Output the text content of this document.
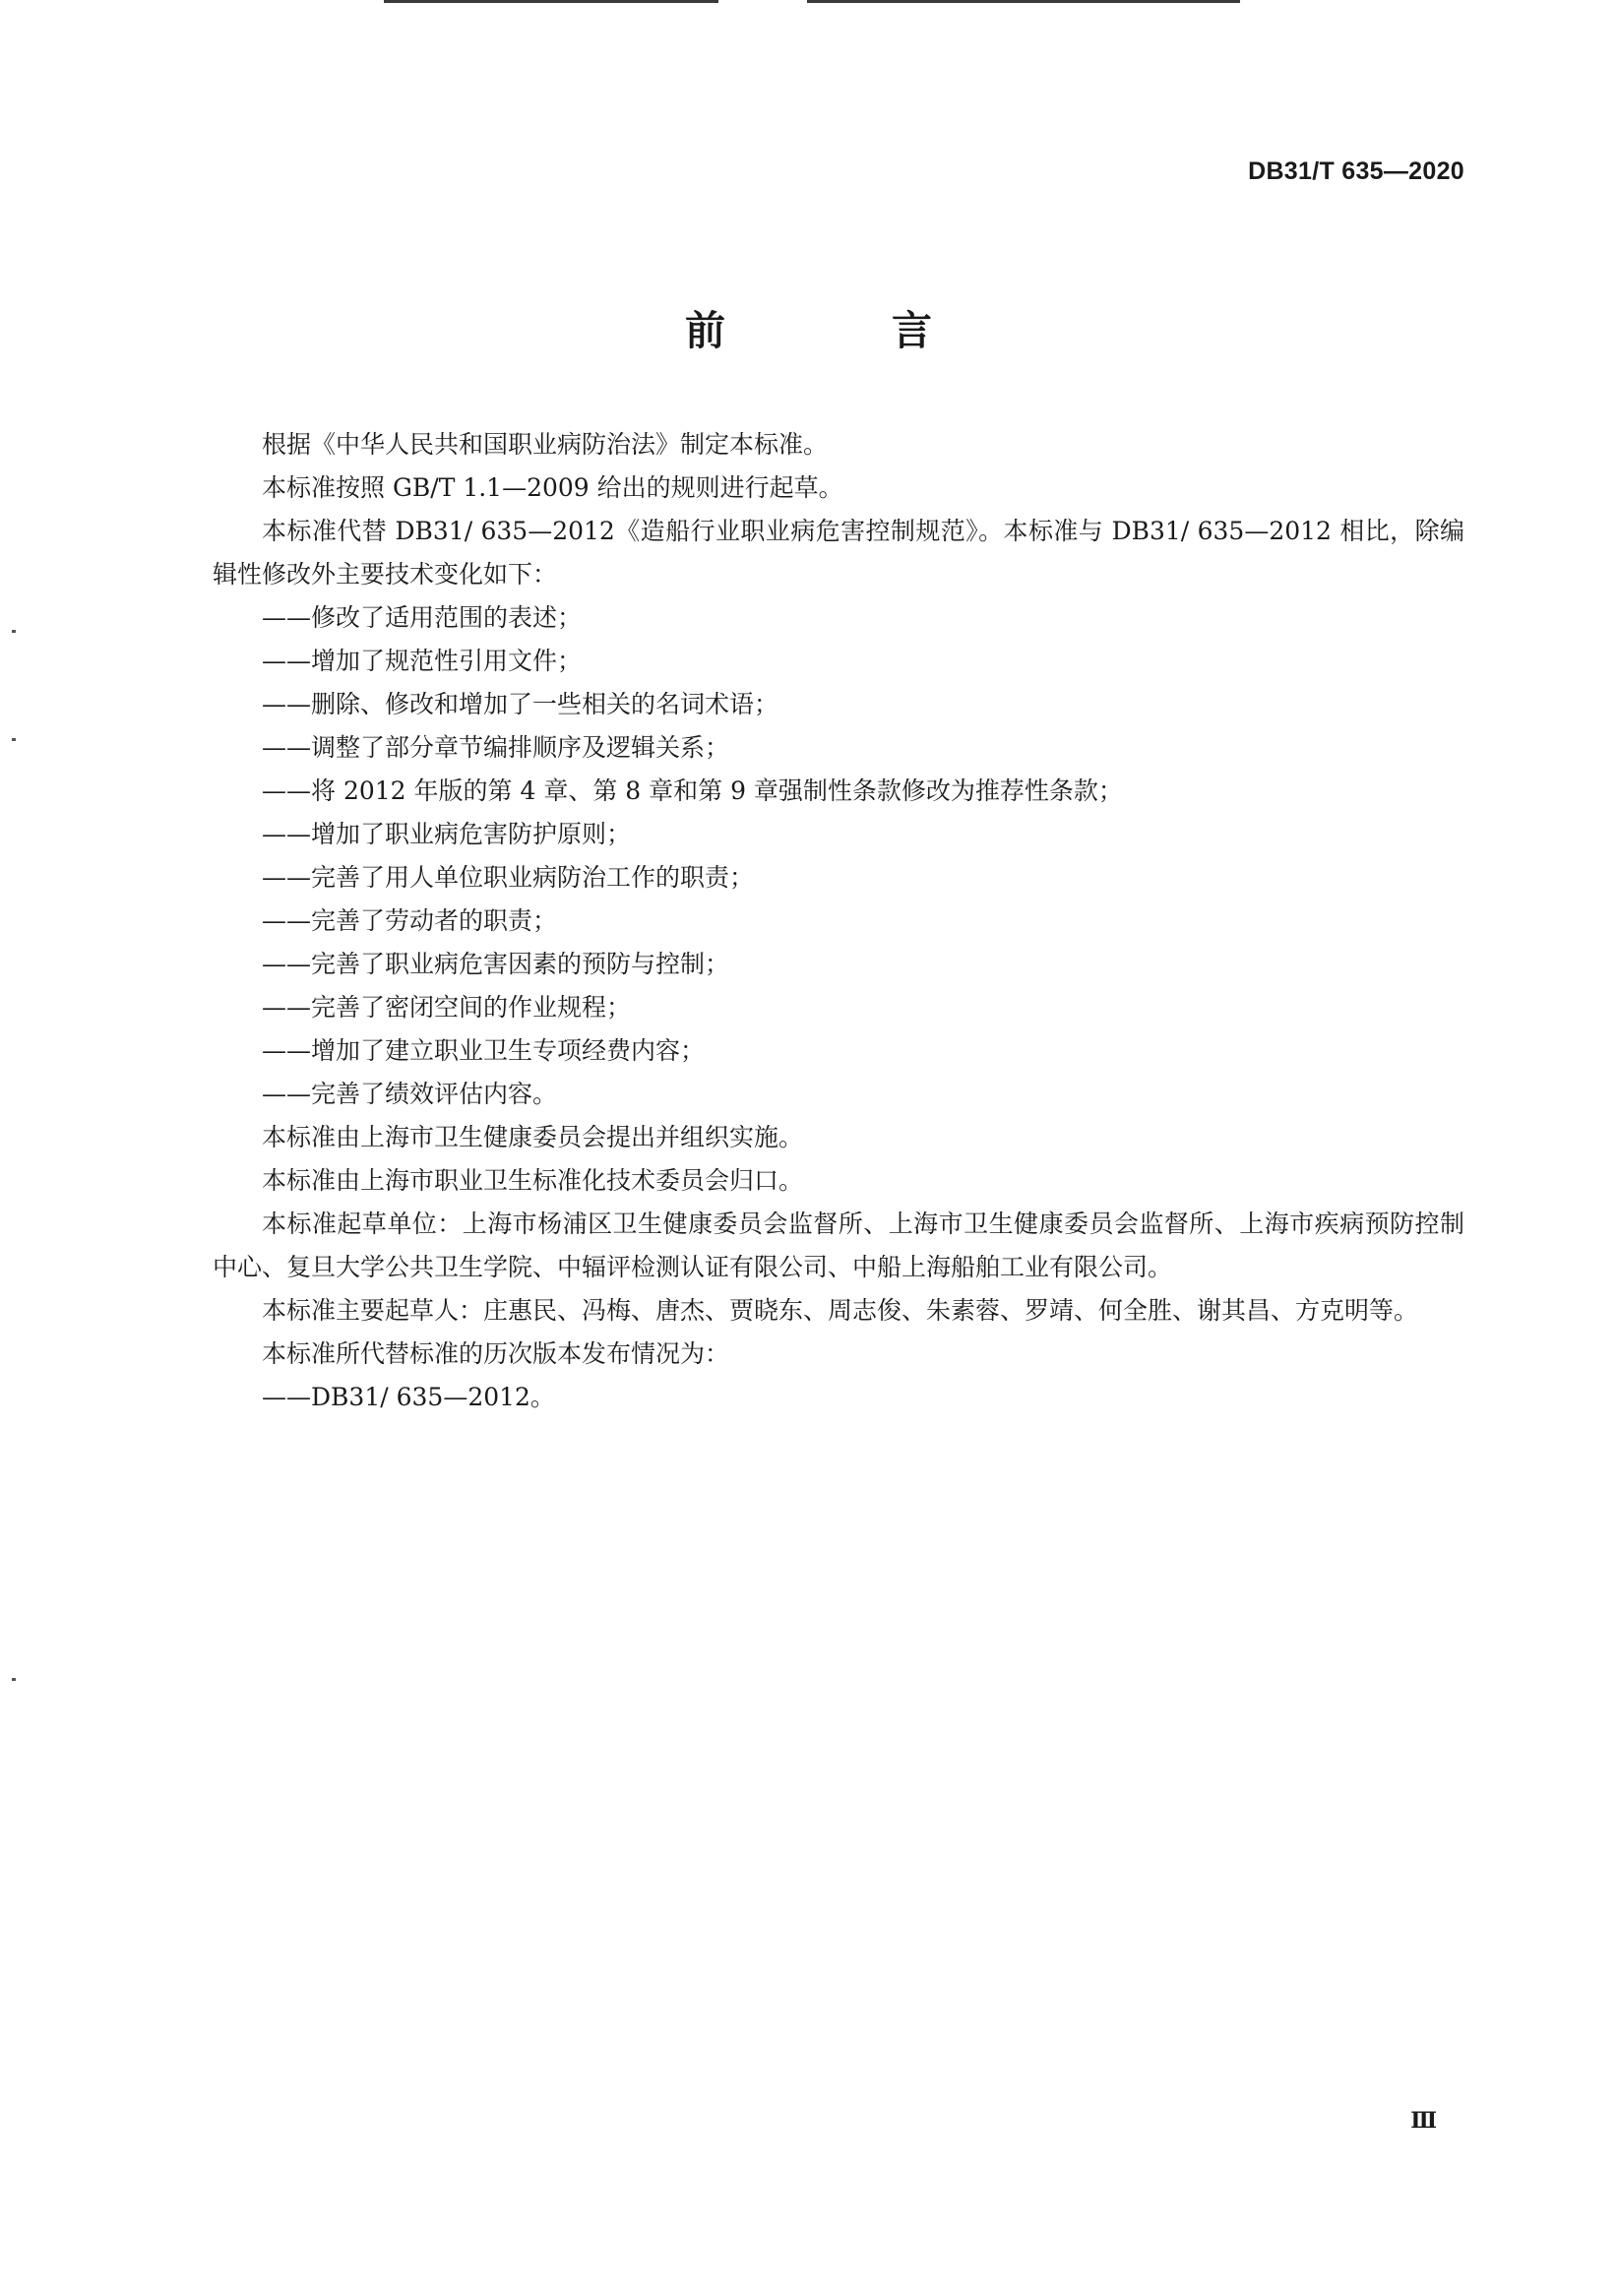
DB31/T 635—2020
前　言

根据《中华人民共和国职业病防治法》制定本标准。

本标准按照 GB/T 1.1—2009 给出的规则进行起草。

本标准代替 DB31/ 635—2012《造船行业职业病危害控制规范》。本标准与 DB31/ 635—2012 相比，除编辑性修改外主要技术变化如下：

——修改了适用范围的表述；

——增加了规范性引用文件；

——删除、修改和增加了一些相关的名词术语；

——调整了部分章节编排顺序及逻辑关系；

——将 2012 年版的第 4 章、第 8 章和第 9 章强制性条款修改为推荐性条款；

——增加了职业病危害防护原则；

——完善了用人单位职业病防治工作的职责；

——完善了劳动者的职责；

——完善了职业病危害因素的预防与控制；

——完善了密闭空间的作业规程；

——增加了建立职业卫生专项经费内容；

——完善了绩效评估内容。

本标准由上海市卫生健康委员会提出并组织实施。

本标准由上海市职业卫生标准化技术委员会归口。

本标准起草单位：上海市杨浦区卫生健康委员会监督所、上海市卫生健康委员会监督所、上海市疾病预防控制中心、复旦大学公共卫生学院、中辐评检测认证有限公司、中船上海船舶工业有限公司。

本标准主要起草人：庄惠民、冯梅、唐杰、贾晓东、周志俊、朱素蓉、罗靖、何全胜、谢其昌、方克明等。

本标准所代替标准的历次版本发布情况为：

——DB31/ 635—2012。

Ⅲ
